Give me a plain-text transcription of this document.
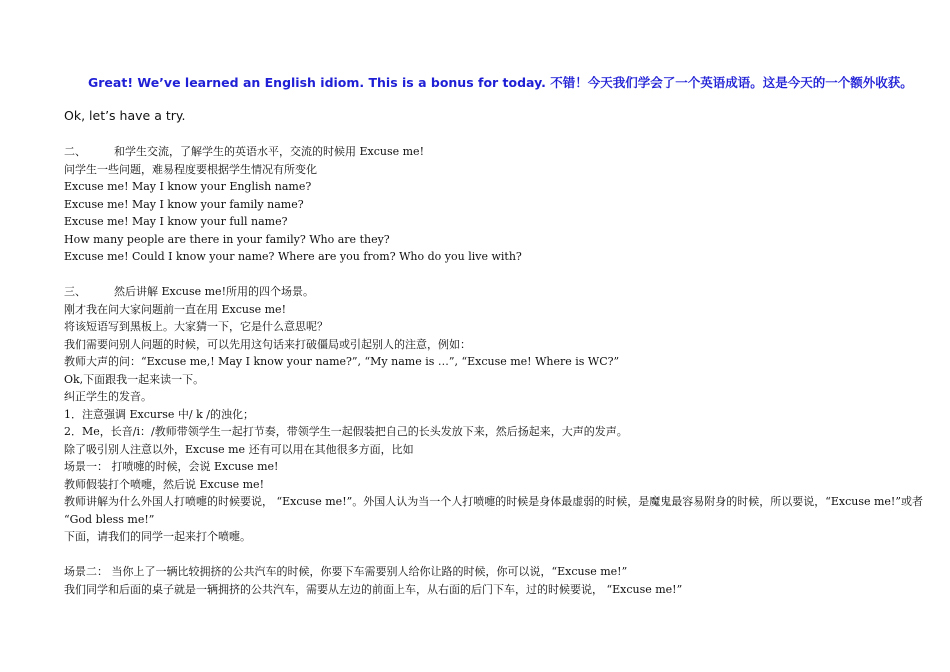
Great! We’ve learned an English idiom. This is a bonus for today. 不错！今天我们学会了一个英语成语。这是今天的一个额外收获。
Ok, let’s have a try.
二、	和学生交流，了解学生的英语水平，交流的时候用 Excuse me!
问学生一些问题，难易程度要根据学生情况有所变化
Excuse me! May I know your English name?
Excuse me! May I know your family name?
Excuse me! May I know your full name?
How many people are there in your family? Who are they?
Excuse me! Could I know your name? Where are you from? Who do you live with?
三、	然后讲解 Excuse me!所用的四个场景。
刚才我在问大家问题前一直在用 Excuse me!
将该短语写到黑板上。大家猜一下，它是什么意思呢？
我们需要问别人问题的时候，可以先用这句话来打破僵局或引起别人的注意，例如：
教师大声的问：“Excuse me,! May I know your name?”, “My name is …”, “Excuse me! Where is WC?”
Ok,下面跟我一起来读一下。
纠正学生的发音。
1．注意强调 Excurse 中/ k /的浊化；
2．Me，长音/i：/教师带领学生一起打节奏，带领学生一起假装把自己的长头发放下来，然后扬起来，大声的发声。
除了吸引别人注意以外，Excuse me 还有可以用在其他很多方面，比如
场景一： 打喷嚏的时候，会说 Excuse me!
教师假装打个喷嚏，然后说 Excuse me!
教师讲解为什么外国人打喷嚏的时候要说， “Excuse me!”。外国人认为当一个人打喷嚏的时候是身体最虚弱的时候，是魔鬼最容易附身的时候，所以要说，“Excuse me!”或者 “God bless me!”
下面，请我们的同学一起来打个喷嚏。
场景二： 当你上了一辆比较拥挤的公共汽车的时候，你要下车需要别人给你让路的时候，你可以说，“Excuse me!”
我们同学和后面的桌子就是一辆拥挤的公共汽车，需要从左边的前面上车，从右面的后门下车，过的时候要说， “Excuse me!”
